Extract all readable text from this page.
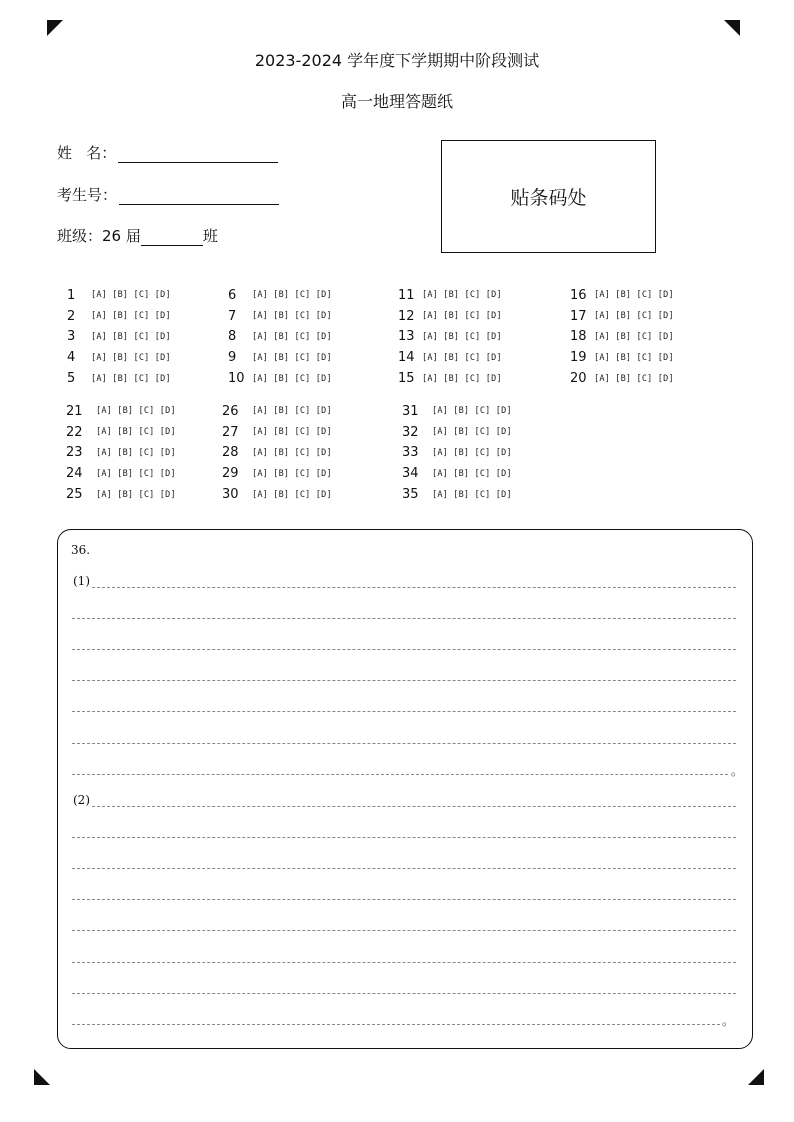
2023-2024 学年度下学期期中阶段测试
高一地理答题纸
姓   名：
考生号：
班级：26 届	班
贴条码处
1	[A] [B] [C] [D]
2	[A] [B] [C] [D]
3	[A] [B] [C] [D]
4	[A] [B] [C] [D]
5	[A] [B] [C] [D]
6	[A] [B] [C] [D]
7	[A] [B] [C] [D]
8	[A] [B] [C] [D]
9	[A] [B] [C] [D]
10 [A] [B] [C] [D]
11 [A] [B] [C] [D]
12 [A] [B] [C] [D]
13 [A] [B] [C] [D]
14 [A] [B] [C] [D]
15 [A] [B] [C] [D]
16 [A] [B] [C] [D]
17 [A] [B] [C] [D]
18 [A] [B] [C] [D]
19 [A] [B] [C] [D]
20 [A] [B] [C] [D]
21	[A] [B] [C] [D]
22	[A] [B] [C] [D]
23	[A] [B] [C] [D]
24	[A] [B] [C] [D]
25	[A] [B] [C] [D]
26	[A] [B] [C] [D]
27	[A] [B] [C] [D]
28	[A] [B] [C] [D]
29	[A] [B] [C] [D]
30	[A] [B] [C] [D]
31	[A] [B] [C] [D]
32	[A] [B] [C] [D]
33	[A] [B] [C] [D]
34	[A] [B] [C] [D]
35	[A] [B] [C] [D]
36.
(1)
(2)
。
。
